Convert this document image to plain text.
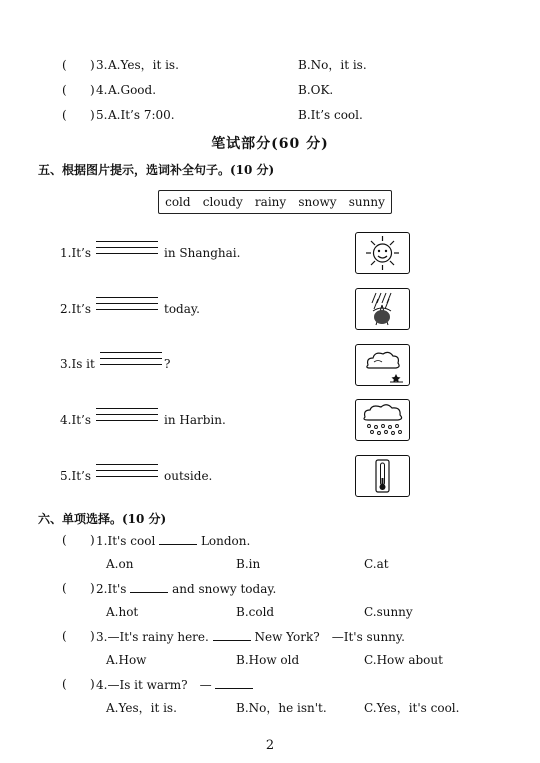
( ) 3. A.Yes，it is.	B.No，it is.
( ) 4. A.Good.	B.OK.
( ) 5. A.It’s 7:00.	B.It’s cool.
笔试部分(60 分)
五、根据图片提示，选词补全句子。(10 分)
cold cloudy rainy snowy sunny
1.It’s	in Shanghai.
2.It’s	today.
3.Is it	?
4.It’s	in Harbin.
5.It’s	outside.
六、单项选择。(10 分)
( ) 1.It's cool	London.
A.on	B.in	C.at
( ) 2.It's	and snowy today.
A.hot	B.cold	C.sunny
( ) 3.—It's rainy here.	New York?　—It's sunny.
A.How	B.How old	C.How about
( ) 4.—Is it warm?　—
A.Yes，it is.	B.No，he isn't.	C.Yes，it's cool.
2
